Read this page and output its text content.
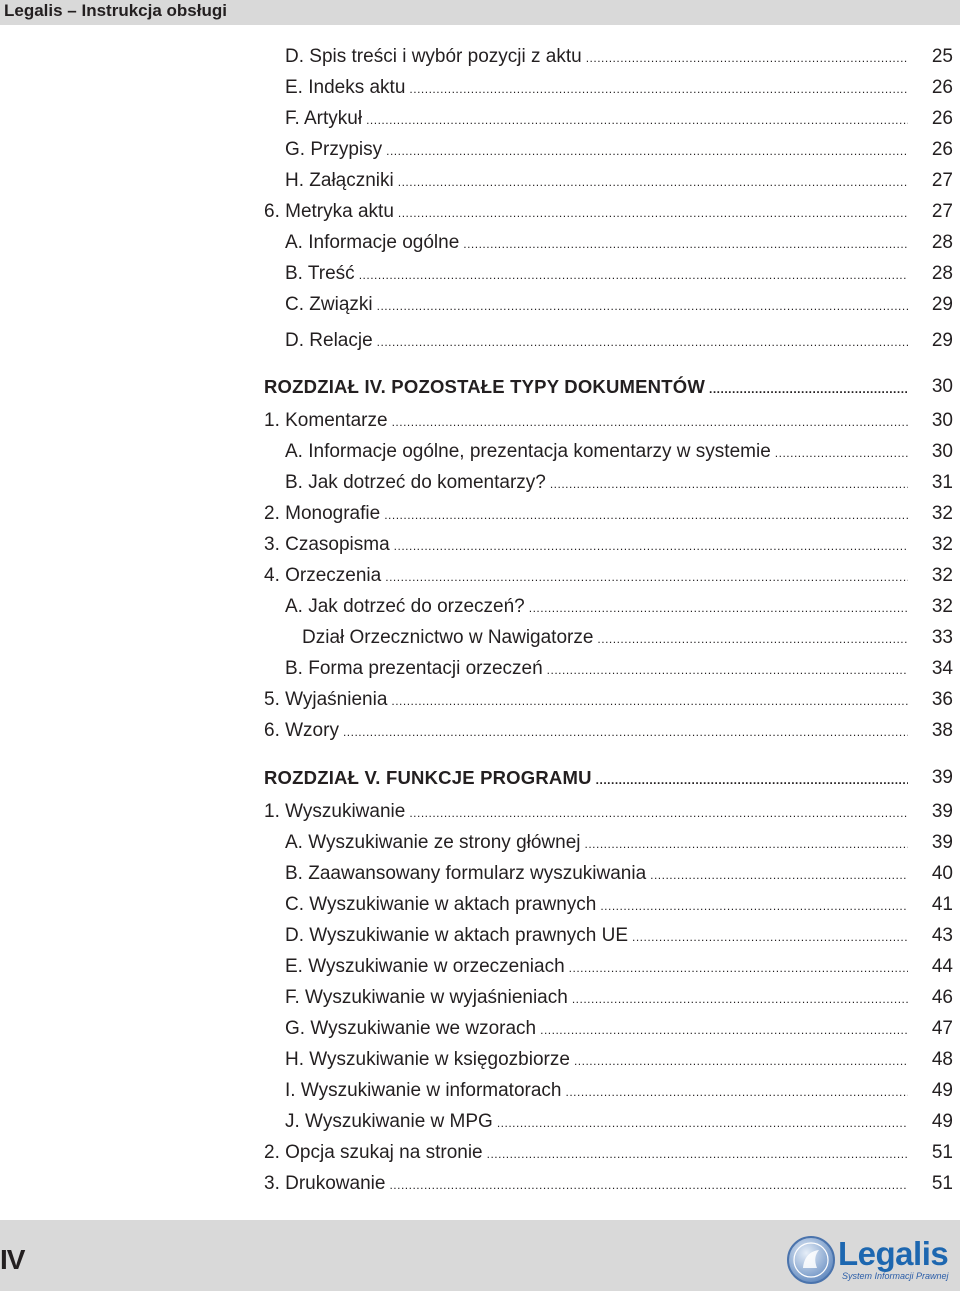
Legalis – Instrukcja obsługi
D. Spis treści i wybór pozycji z aktu .....	25
E. Indeks aktu .....	26
F. Artykuł .....	26
G. Przypisy .....	26
H. Załączniki .....	27
6. Metryka aktu .....	27
A. Informacje ogólne .....	28
B. Treść .....	28
C. Związki .....	29
D. Relacje .....	29
ROZDZIAŁ IV. POZOSTAŁE TYPY DOKUMENTÓW .....	30
1. Komentarze .....	30
A. Informacje ogólne, prezentacja komentarzy w systemie .....	30
B. Jak dotrzeć do komentarzy? .....	31
2. Monografie .....	32
3. Czasopisma .....	32
4. Orzeczenia .....	32
A. Jak dotrzeć do orzeczeń? .....	32
Dział Orzecznictwo w Nawigatorze .....	33
B. Forma prezentacji orzeczeń .....	34
5. Wyjaśnienia .....	36
6. Wzory .....	38
ROZDZIAŁ V. FUNKCJE PROGRAMU .....	39
1. Wyszukiwanie .....	39
A. Wyszukiwanie ze strony głównej .....	39
B. Zaawansowany formularz wyszukiwania .....	40
C. Wyszukiwanie w aktach prawnych .....	41
D. Wyszukiwanie w aktach prawnych UE .....	43
E. Wyszukiwanie w orzeczeniach .....	44
F. Wyszukiwanie w wyjaśnieniach .....	46
G. Wyszukiwanie we wzorach .....	47
H. Wyszukiwanie w księgozbiorze .....	48
I. Wyszukiwanie w informatorach .....	49
J. Wyszukiwanie w MPG .....	49
2. Opcja szukaj na stronie .....	51
3. Drukowanie .....	51
IV	Legalis
System Informacji Prawnej
